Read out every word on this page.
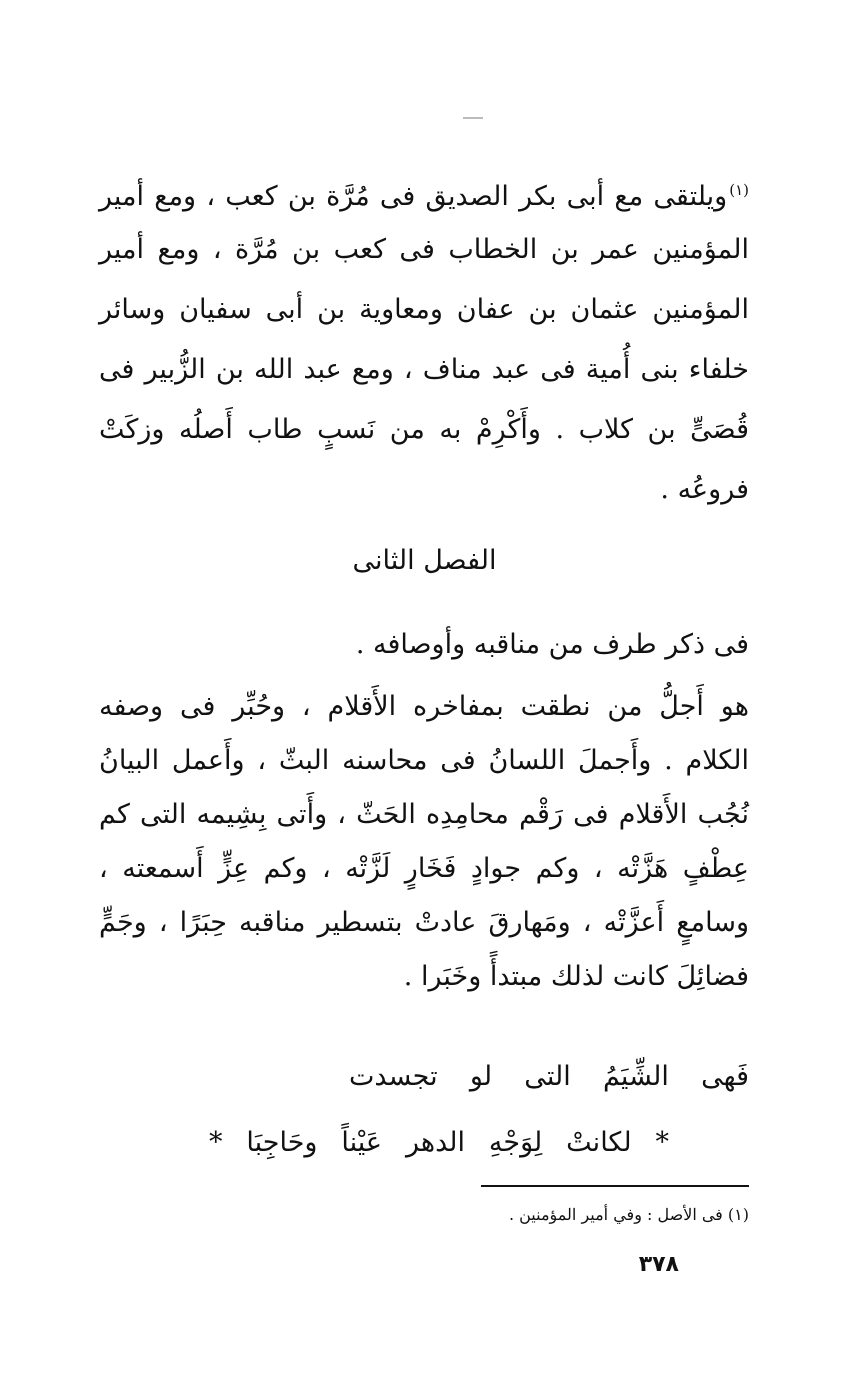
$^{(١)}$ويلتقى مع أبى بكر الصديق فى مُرَّة بن كعب ، ومع أمير
المؤمنين عمر بن الخطاب فى كعب بن مُرَّة ، ومع أمير
المؤمنين عثمان بن عفان ومعاوية بن أبى سفيان وسائر
خلفاء بنى أُمية فى عبد مناف ، ومع عبد الله بن الزُّبير فى
قُصَىٍّ بن كلاب . وأَكْرِمْ به من نَسبٍ طاب أَصلُه وزكَتْ
فروعُه .
الفصل الثانى
فى ذكر طرف من مناقبه وأوصافه .
هو أَجلُّ من نطقت بمفاخره الأَقلام ، وحُبِّر فى وصفه
الكلام . وأَجملَ اللسانُ فى محاسنه البثّ ، وأَعمل البيانُ
نُجُب الأَقلام فى رَقْم محامِدِه الحَثّ ، وأَتى بِشِيمه التى كم
عِطْفٍ هَزَّتْه ، وكم جوادٍ فَخَارٍ لَزَّتْه ، وكم عِزٍّ أَسمعته ،
وسامعٍ أَعزَّتْه ، ومَهارقَ عادتْ بتسطير مناقبه حِبَرًا ، وجَمٍّ
فضائِلَ كانت لذلك مبتدأً وخَبَرا .
فَهى الشِّيَمُ التى لو تجسدت
* لكانتْ لِوَجْهِ الدهر عَيْناً وحَاجِبَا *
(١) فى الأصل : وفي أمير المؤمنين .
٣٧٨
